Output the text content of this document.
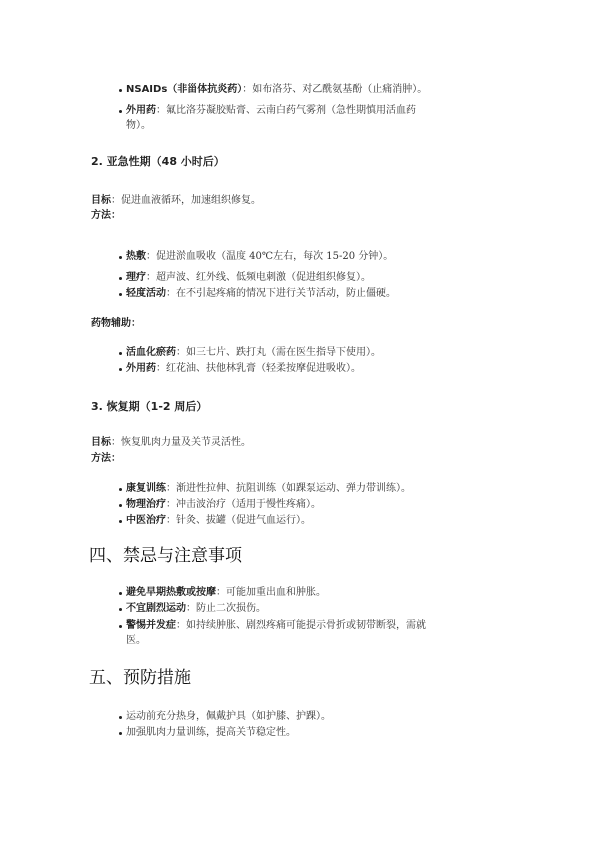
NSAIDs（非甾体抗炎药）：如布洛芬、对乙酰氨基酚（止痛消肿）。
外用药：氟比洛芬凝胶贴膏、云南白药气雾剂（急性期慎用活血药
物）。
2. 亚急性期（48 小时后）
目标：促进血液循环，加速组织修复。
方法：
热敷：促进淤血吸收（温度 40℃左右，每次 15-20 分钟）。
理疗：超声波、红外线、低频电刺激（促进组织修复）。
轻度活动：在不引起疼痛的情况下进行关节活动，防止僵硬。
药物辅助：
活血化瘀药：如三七片、跌打丸（需在医生指导下使用）。
外用药：红花油、扶他林乳膏（轻柔按摩促进吸收）。
3. 恢复期（1-2 周后）
目标：恢复肌肉力量及关节灵活性。
方法：
康复训练：渐进性拉伸、抗阻训练（如踝泵运动、弹力带训练）。
物理治疗：冲击波治疗（适用于慢性疼痛）。
中医治疗：针灸、拔罐（促进气血运行）。
四、禁忌与注意事项
避免早期热敷或按摩：可能加重出血和肿胀。
不宜剧烈运动：防止二次损伤。
警惕并发症：如持续肿胀、剧烈疼痛可能提示骨折或韧带断裂，需就
医。
五、预防措施
运动前充分热身，佩戴护具（如护膝、护踝）。
加强肌肉力量训练，提高关节稳定性。
